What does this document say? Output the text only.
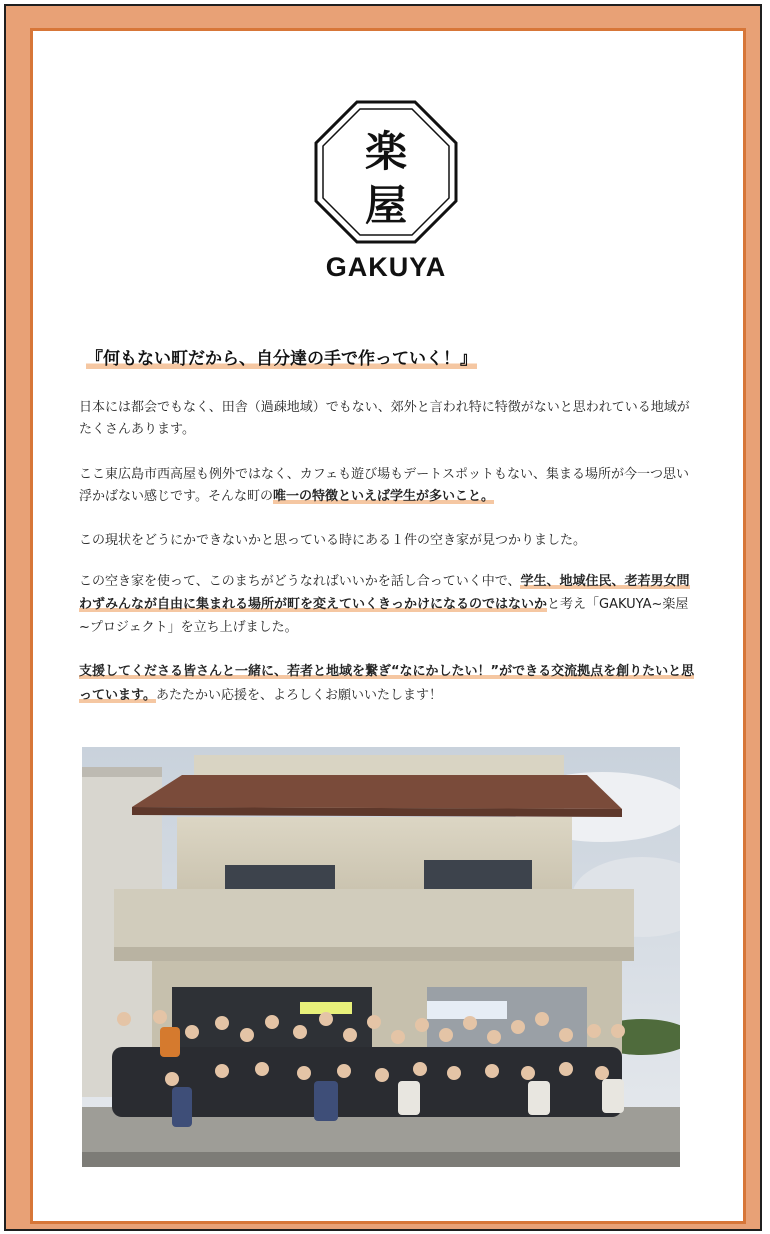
楽
屋
GAKUYA
『何もない町だから、自分達の手で作っていく！』
日本には都会でもなく、田舎（過疎地域）でもない、郊外と言われ特に特徴がないと思われている地域がたくさんあります。
ここ東広島市西高屋も例外ではなく、カフェも遊び場もデートスポットもない、集まる場所が今一つ思い浮かばない感じです。そんな町の唯一の特徴といえば学生が多いこと。
この現状をどうにかできないかと思っている時にある１件の空き家が見つかりました。
この空き家を使って、このまちがどうなればいいかを話し合っていく中で、学生、地域住民、老若男女問わずみんなが自由に集まれる場所が町を変えていくきっかけになるのではないかと考え「GAKUYA~楽屋~プロジェクト」を立ち上げました。
支援してくださる皆さんと一緒に、若者と地域を繋ぎ“なにかしたい！”ができる交流拠点を創りたいと思っています。あたたかい応援を、よろしくお願いいたします！
